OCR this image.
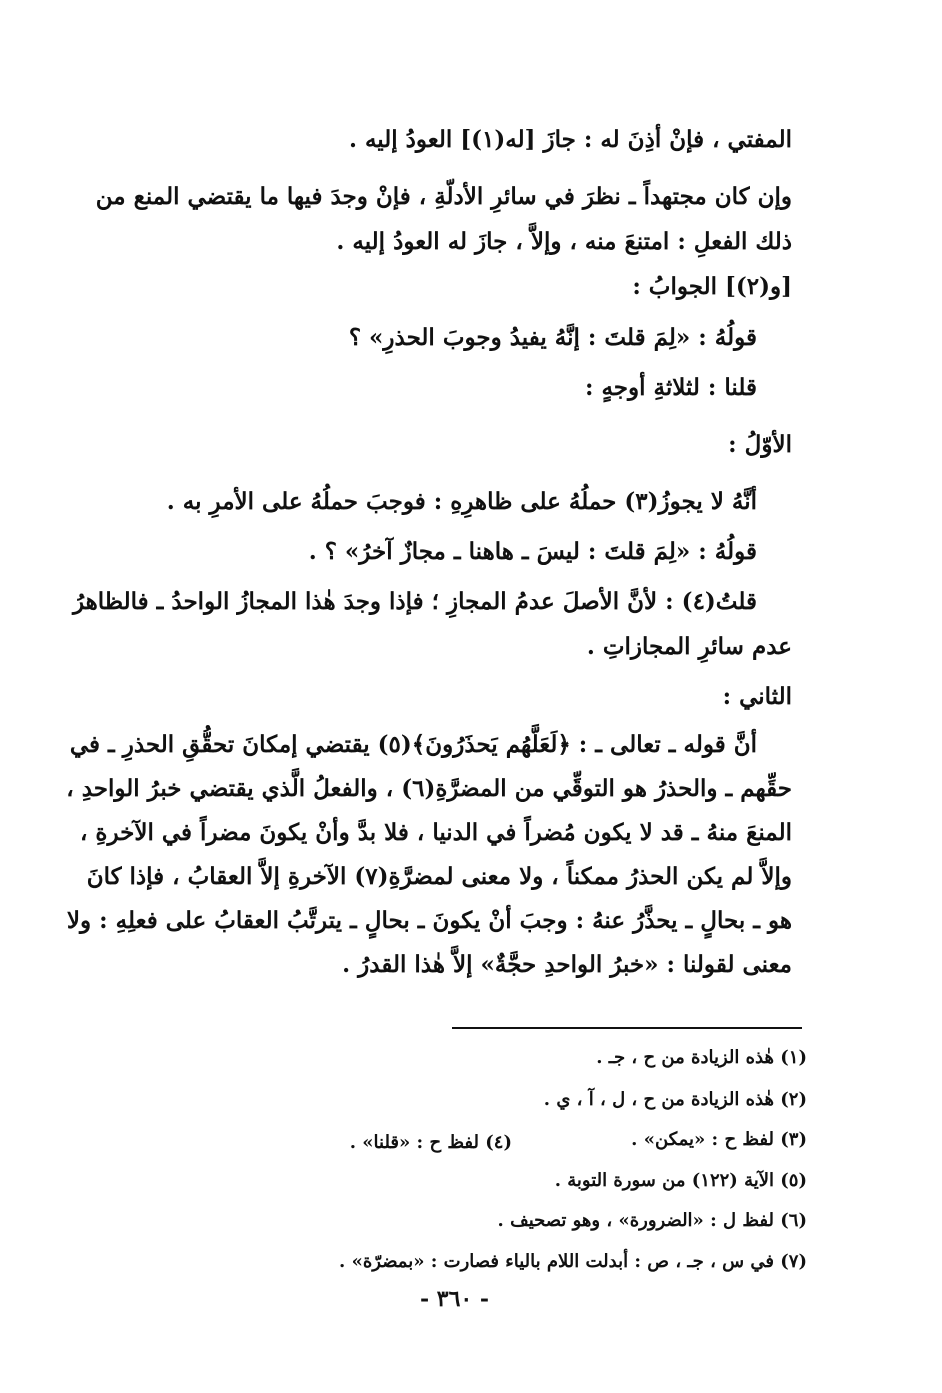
المفتي ، فإنْ أذِنَ له : جازَ [له(١)] العودُ إليه .
وإن كان مجتهداً ـ نظرَ في سائرِ الأدلّةِ ، فإنْ وجدَ فيها ما يقتضي المنع من
ذلك الفعلِ : امتنعَ منه ، وإلاَّ ، جازَ له العودُ إليه .
[و(٢)] الجوابُ :
قولُهُ : «لِمَ قلتَ : إنَّهُ يفيدُ وجوبَ الحذرِ» ؟
قلنا : لثلاثةِ أوجهٍ :
الأوّلُ :
أنَّهُ لا يجوزُ(٣) حملُهُ على ظاهرِهِ : فوجبَ حملُهُ على الأمرِ به .
قولُهُ : «لِمَ قلتَ : ليسَ ـ هاهنا ـ مجازٌ آخرُ» ؟ .
قلتُ(٤) : لأنَّ الأصلَ عدمُ المجازِ ؛ فإذا وجدَ هٰذا المجازُ الواحدُ ـ فالظاهرُ
عدم سائرِ المجازاتِ .
الثاني :
أنَّ قوله ـ تعالى ـ : ﴿لَعَلَّهُم يَحذَرُونَ﴾(٥) يقتضي إمكانَ تحقُّقِ الحذرِ ـ في
حقِّهم ـ والحذرُ هو التوقِّي من المضرَّةِ(٦) ، والفعلُ الَّذي يقتضي خبرُ الواحدِ ،
المنعَ منهُ ـ قد لا يكون مُضراً في الدنيا ، فلا بدَّ وأنْ يكونَ مضراً في الآخرةِ ،
وإلاَّ لم يكن الحذرُ ممكناً ، ولا معنى لمضرَّةِ(٧) الآخرةِ إلاَّ العقابُ ، فإذا كانَ
هو ـ بحالٍ ـ يحذَّرُ عنهُ : وجبَ أنْ يكونَ ـ بحالٍ ـ يترتَّبُ العقابُ على فعلِهِ : ولا
معنى لقولنا : «خبرُ الواحدِ حجَّةٌ» إلاَّ هٰذا القدرُ .
(١) هٰذه الزيادة من ح ، جـ .
(٢) هٰذه الزيادة من ح ، ل ، آ ، ي .
(٣) لفظ ح : «يمكن» .
(٤) لفظ ح : «قلنا» .
(٥) الآية (١٢٢) من سورة التوبة .
(٦) لفظ ل : «الضرورة» ، وهو تصحيف .
(٧) في س ، جـ ، ص : أبدلت اللام بالياء فصارت : «بمضرّة» .
- ٣٦٠ -
